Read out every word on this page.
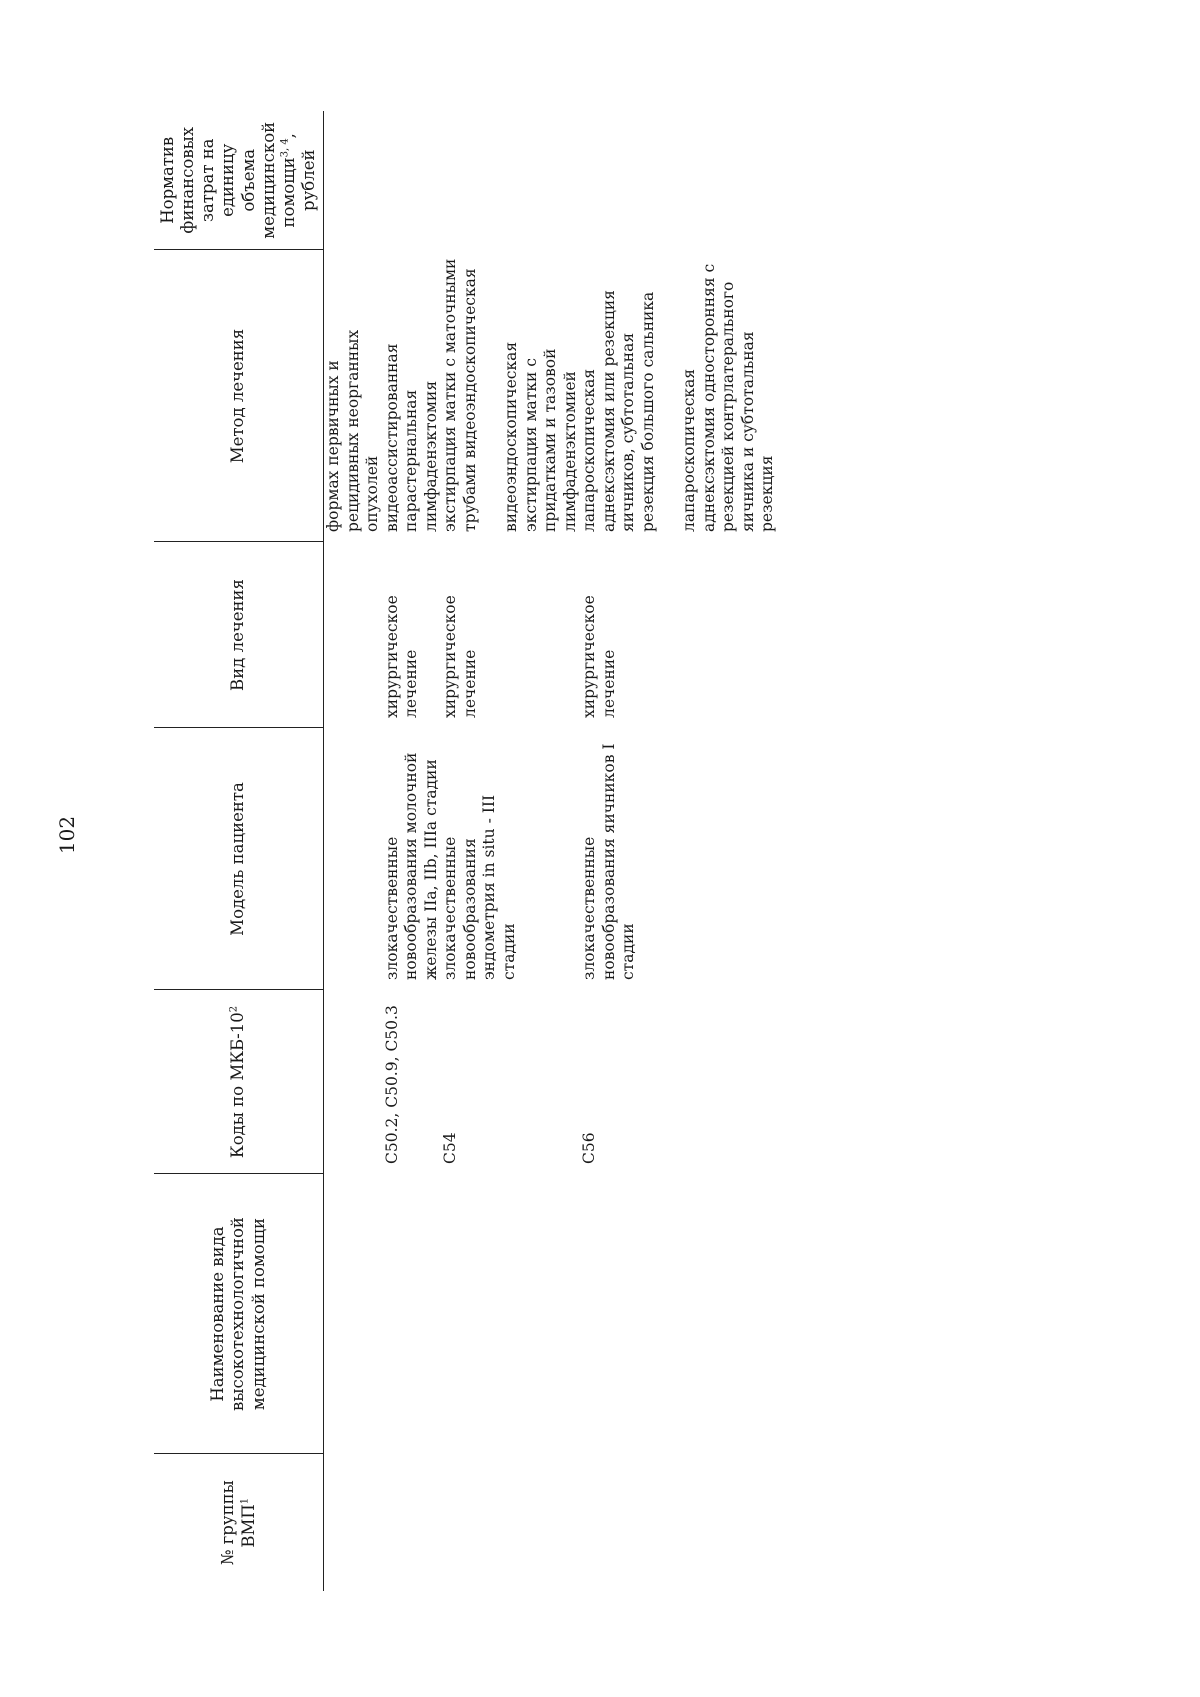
102
№ группы ВМП$^1$	Наименование вида высокотехнологичной медицинской помощи	Коды по МКБ-$10^2$	Модель пациента	Вид лечения	Метод лечения	Норматив финансовых затрат на единицу объема медицинской помощи$^{3, 4}$, рублей

					формах первичных и рецидивных неорганных опухолей	

		C50.2, C50.9, C50.3	злокачественные новообразования молочной железы IIa, IIb, IIIa стадии	хирургическое лечение	видеоассистированная парастернальная лимфаденэктомия	

		C54	злокачественные новообразования эндометрия in situ - III стадии	хирургическое лечение	экстирпация матки с маточными трубами видеоэндоскопическая видеоэндоскопическая экстирпация матки с придатками и тазовой лимфаденэктомией	

		C56	злокачественные новообразования яичников I стадии	хирургическое лечение	лапароскопическая аднексэктомия или резекция яичников, субтотальная резекция большого сальника лапароскопическая аднексэктомия односторонняя с резекцией контрлатерального яичника и субтотальная резекция	
